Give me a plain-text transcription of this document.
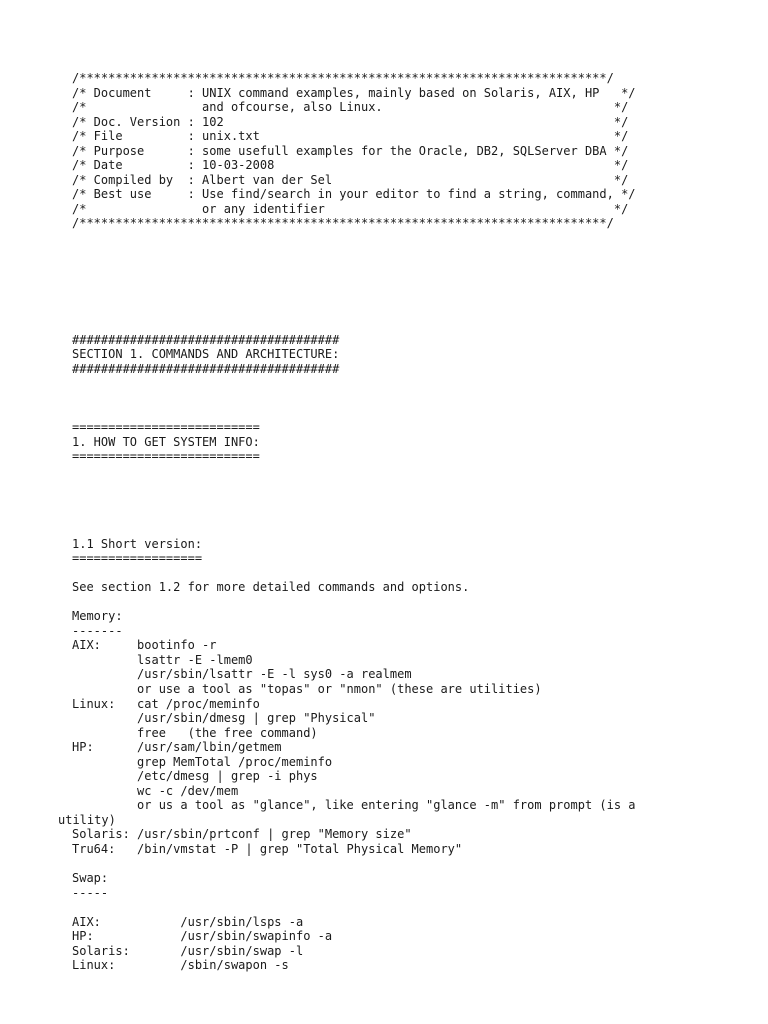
/*************************************************************************/
/* Document     : UNIX command examples, mainly based on Solaris, AIX, HP   */
/*                and ofcourse, also Linux.                                */
/* Doc. Version : 102                                                      */
/* File         : unix.txt                                                 */
/* Purpose      : some usefull examples for the Oracle, DB2, SQLServer DBA */
/* Date         : 10-03-2008                                               */
/* Compiled by  : Albert van der Sel                                       */
/* Best use     : Use find/search in your editor to find a string, command, */
/*                or any identifier                                        */
/*************************************************************************/
#####################################
SECTION 1. COMMANDS AND ARCHITECTURE:
#####################################
==========================
1. HOW TO GET SYSTEM INFO:
==========================
1.1 Short version:
==================
See section 1.2 for more detailed commands and options.
Memory:
-------
AIX:     bootinfo -r
lsattr -E -lmem0
/usr/sbin/lsattr -E -l sys0 -a realmem
or use a tool as "topas" or "nmon" (these are utilities)
Linux:   cat /proc/meminfo
/usr/sbin/dmesg | grep "Physical"
free   (the free command)
HP:      /usr/sam/lbin/getmem
grep MemTotal /proc/meminfo
/etc/dmesg | grep -i phys
wc -c /dev/mem
or us a tool as "glance", like entering "glance -m" from prompt (is a
utility)
Solaris: /usr/sbin/prtconf | grep "Memory size"
Tru64:   /bin/vmstat -P | grep "Total Physical Memory"
Swap:
-----
AIX:           /usr/sbin/lsps -a
HP:            /usr/sbin/swapinfo -a
Solaris:       /usr/sbin/swap -l
Linux:         /sbin/swapon -s
